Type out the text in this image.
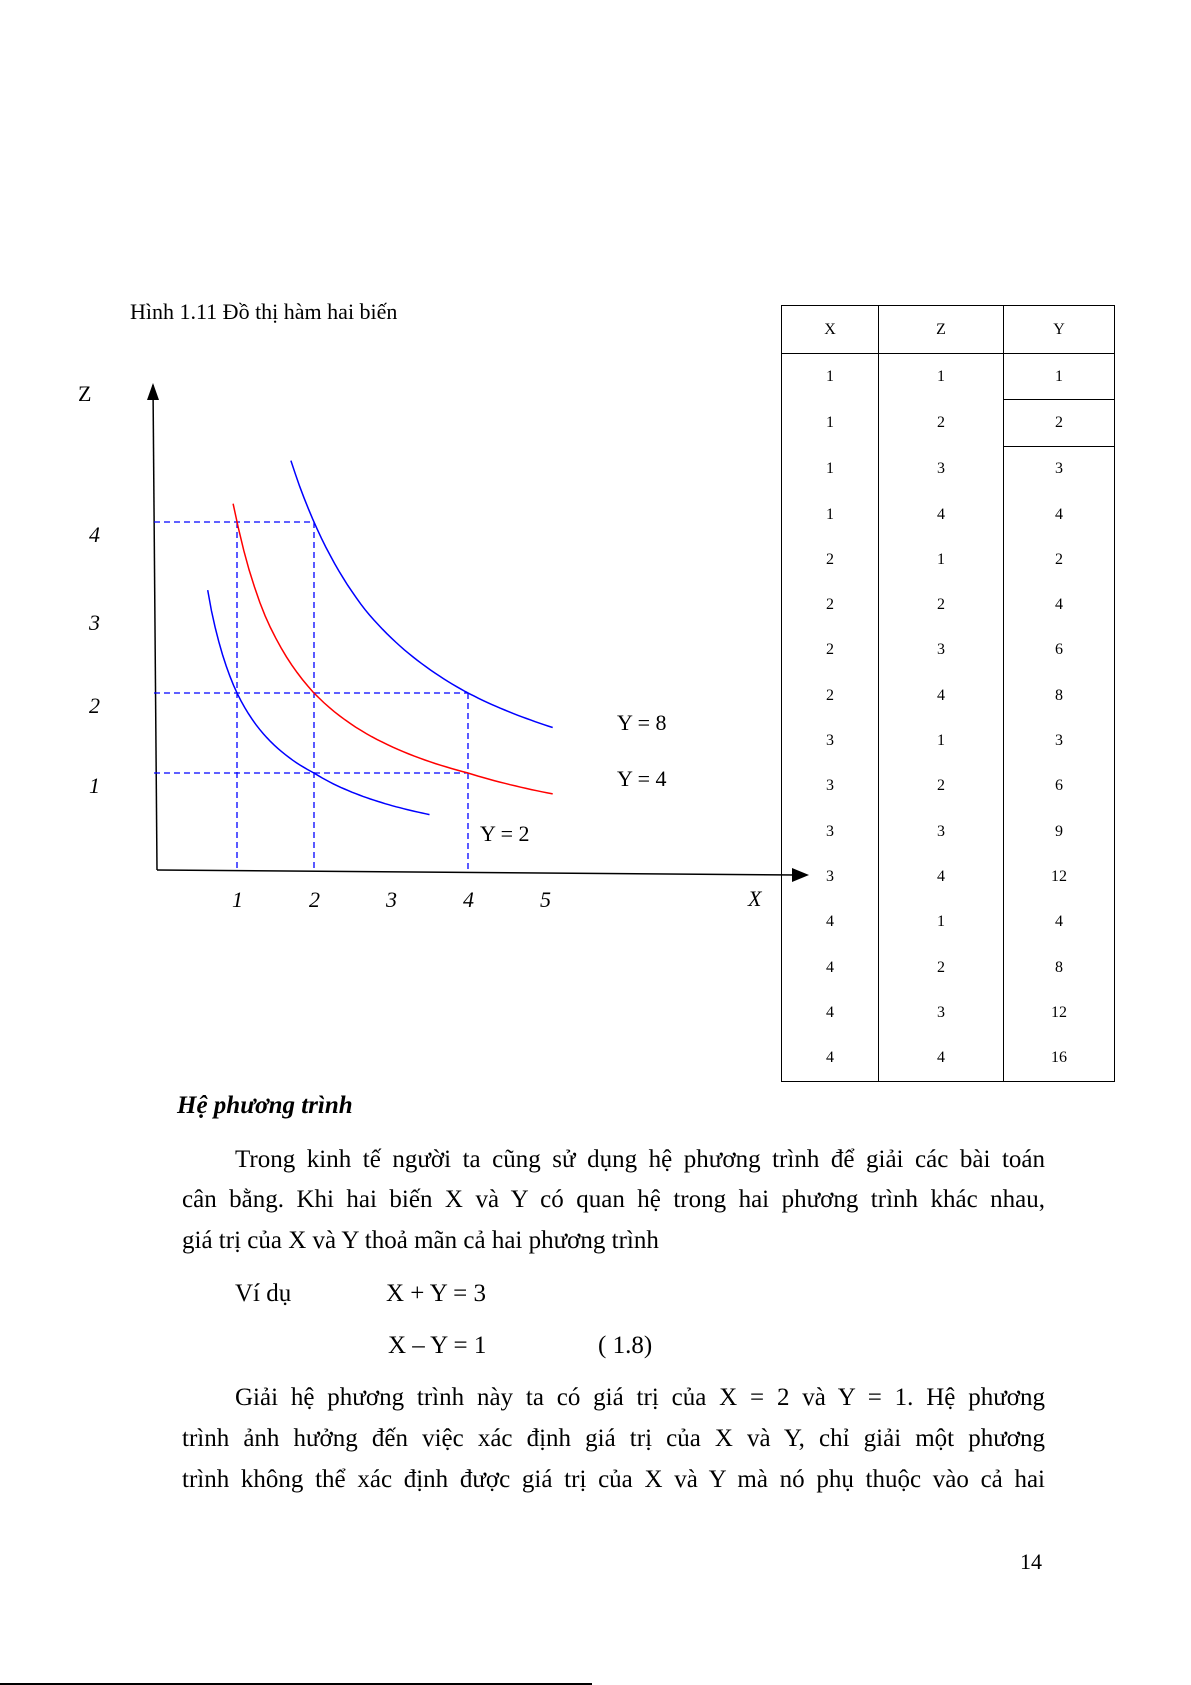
Hình 1.11 Đồ thị hàm hai biến
Z
X
1	2	3	4	5
1
2
3
4
Y = 8
Y = 4
Y = 2
X	Z	Y
1	1	1
1	2	2
1	3	3
1	4	4
2	1	2
2	2	4
2	3	6
2	4	8
3	1	3
3	2	6
3	3	9
3	4	12
4	1	4
4	2	8
4	3	12
4	4	16
Hệ phương trình
Trong kinh tế người ta cũng sử dụng hệ phương trình để giải các bài toán
cân bằng. Khi hai biến X và Y có quan hệ trong hai phương trình khác nhau,
giá trị của X và Y thoả mãn cả hai phương trình
Ví dụ	X + Y = 3
X – Y = 1	( 1.8)
Giải hệ phương trình này ta có giá trị của X = 2 và Y = 1. Hệ phương
trình ảnh hưởng đến việc xác định giá trị của X và Y, chỉ giải một phương
trình không thể xác định được giá trị của X và Y mà nó phụ thuộc vào cả hai
14
